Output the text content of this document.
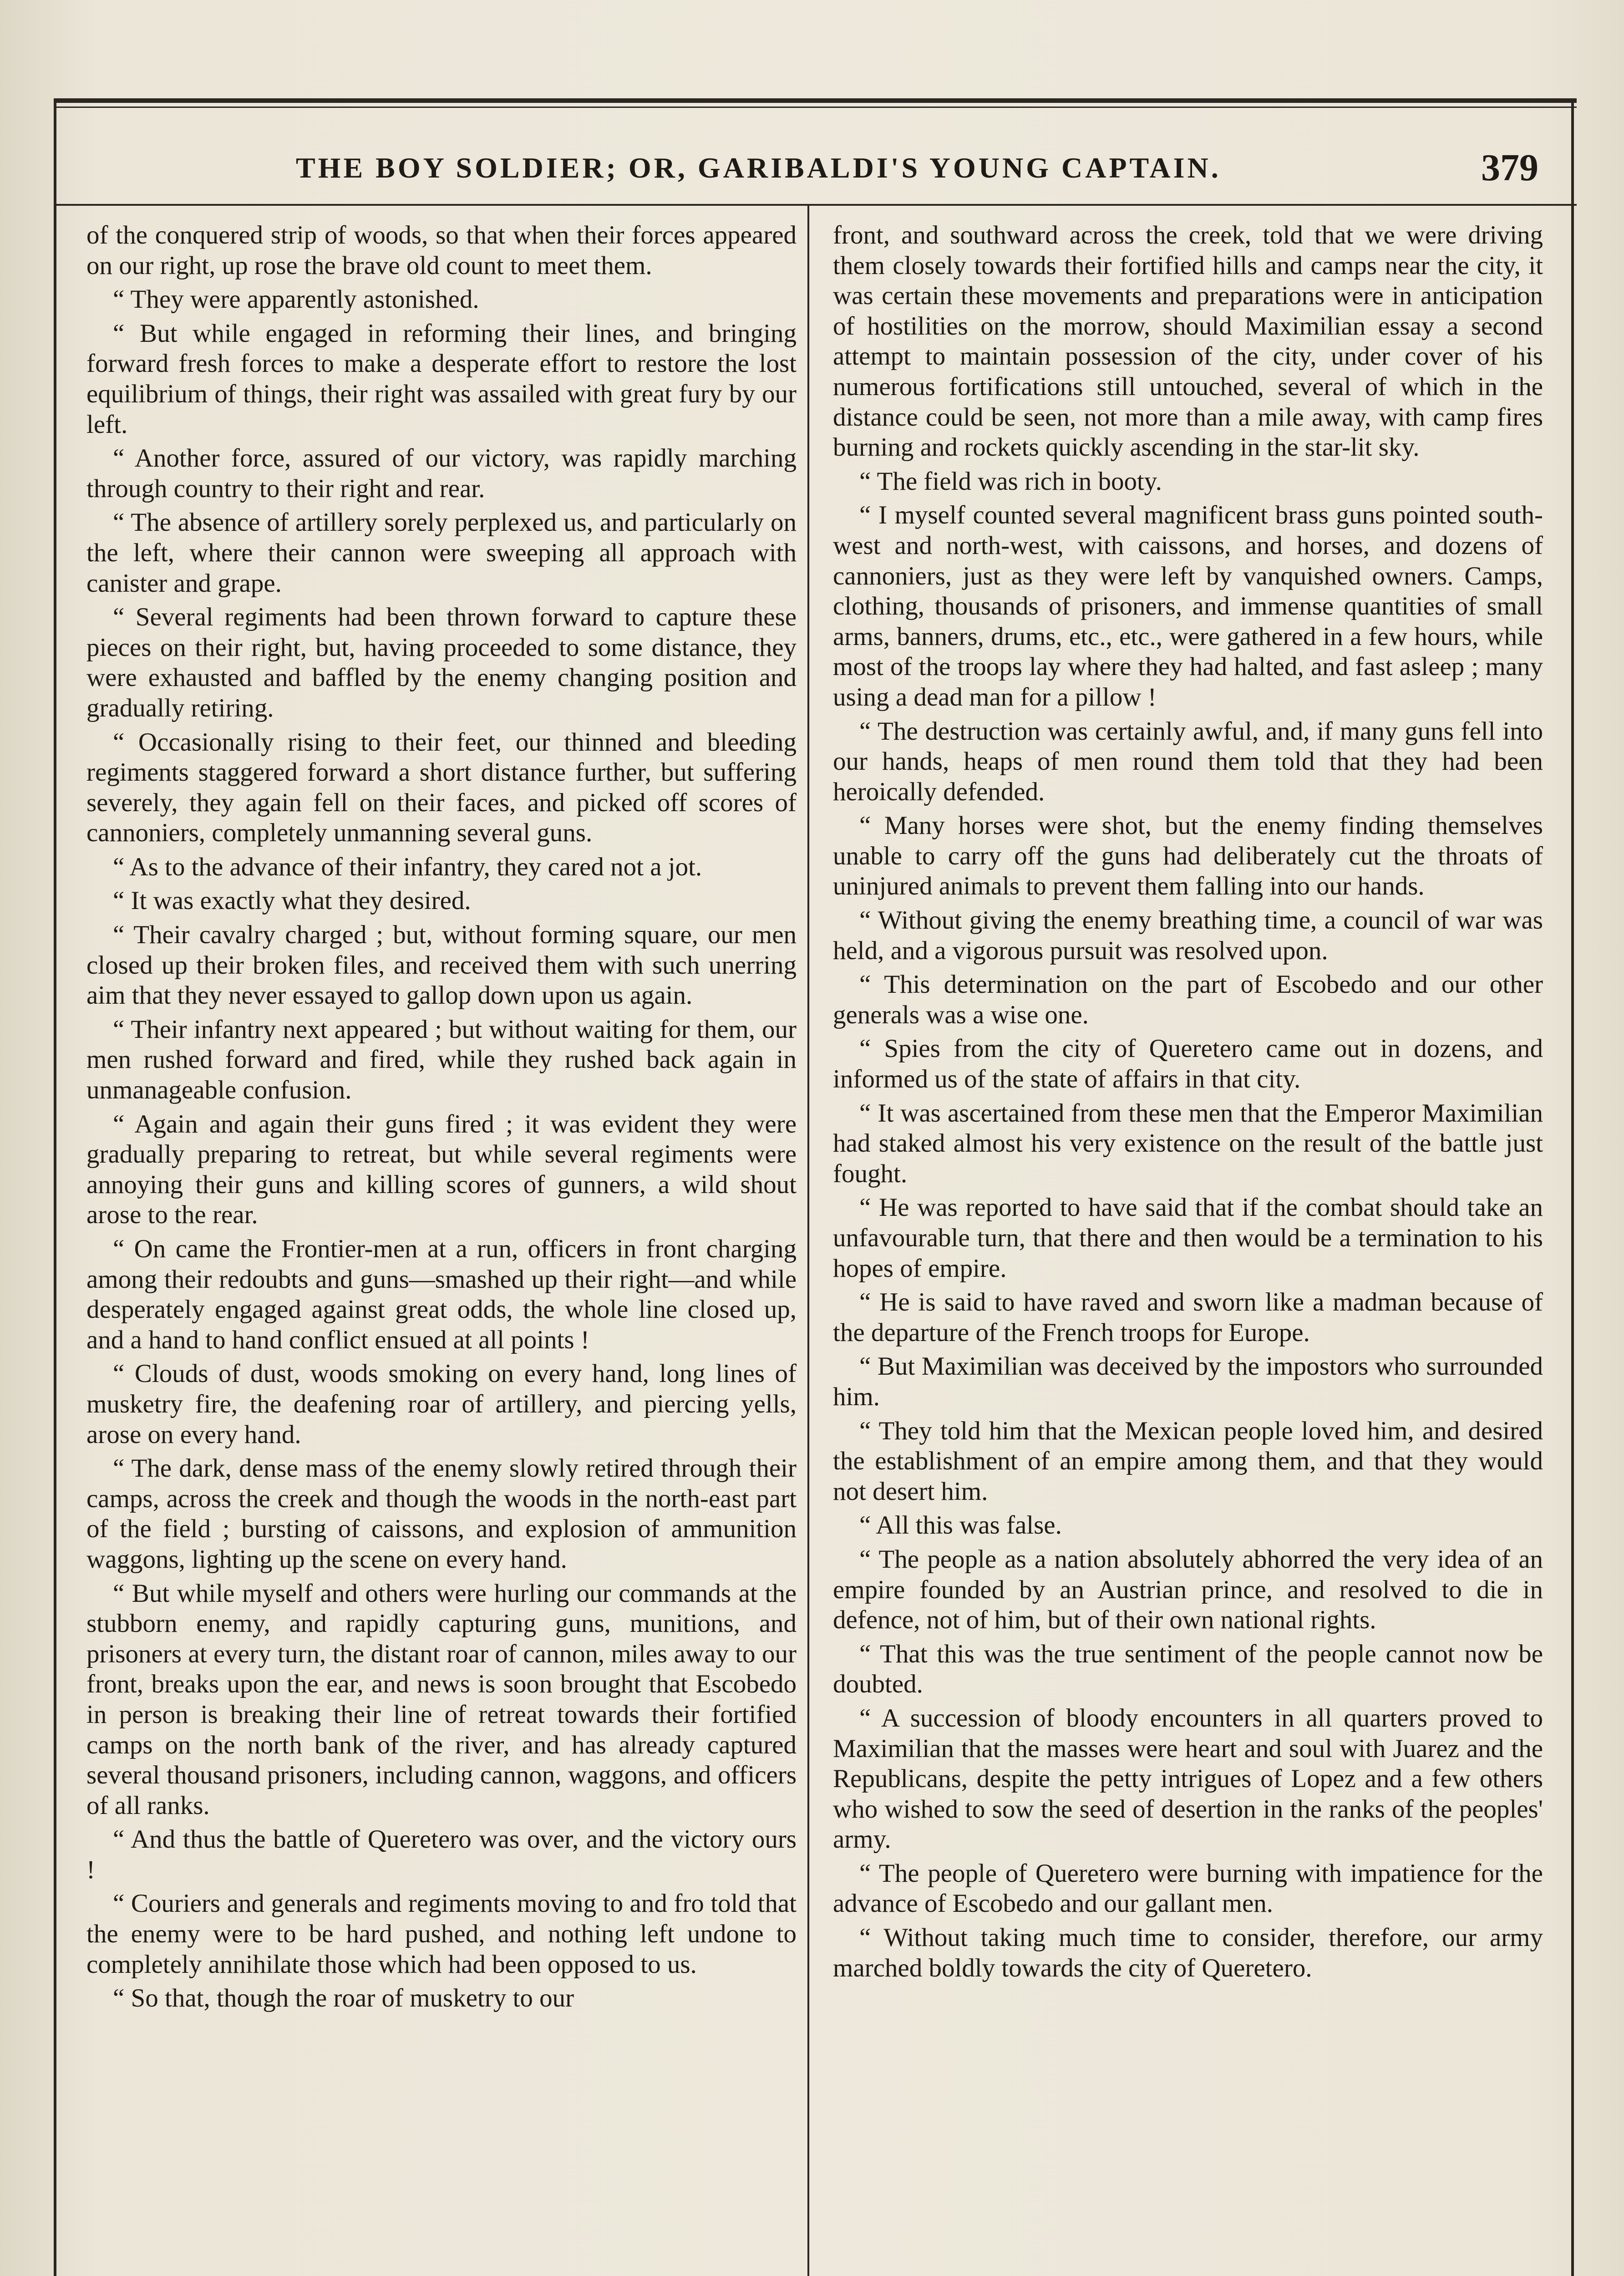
THE BOY SOLDIER; OR, GARIBALDI'S YOUNG CAPTAIN.	379

of the conquered strip of woods, so that when their forces appeared on our right, up rose the brave old count to meet them.

“ They were apparently astonished.

“ But while engaged in reforming their lines, and bringing forward fresh forces to make a desperate effort to restore the lost equilibrium of things, their right was assailed with great fury by our left.

“ Another force, assured of our victory, was rapidly marching through country to their right and rear.

“ The absence of artillery sorely perplexed us, and particularly on the left, where their cannon were sweeping all approach with canister and grape.

“ Several regiments had been thrown forward to capture these pieces on their right, but, having proceeded to some distance, they were exhausted and baffled by the enemy changing position and gradually retiring.

“ Occasionally rising to their feet, our thinned and bleeding regiments staggered forward a short distance further, but suffering severely, they again fell on their faces, and picked off scores of cannoniers, completely unmanning several guns.

“ As to the advance of their infantry, they cared not a jot.

“ It was exactly what they desired.

“ Their cavalry charged ; but, without forming square, our men closed up their broken files, and received them with such unerring aim that they never essayed to gallop down upon us again.

“ Their infantry next appeared ; but without waiting for them, our men rushed forward and fired, while they rushed back again in unmanageable confusion.

“ Again and again their guns fired ; it was evident they were gradually preparing to retreat, but while several regiments were annoying their guns and killing scores of gunners, a wild shout arose to the rear.

“ On came the Frontier-men at a run, officers in front charging among their redoubts and guns—smashed up their right—and while desperately engaged against great odds, the whole line closed up, and a hand to hand conflict ensued at all points !

“ Clouds of dust, woods smoking on every hand, long lines of musketry fire, the deafening roar of artillery, and piercing yells, arose on every hand.

“ The dark, dense mass of the enemy slowly retired through their camps, across the creek and though the woods in the north-east part of the field ; bursting of caissons, and explosion of ammunition waggons, lighting up the scene on every hand.

“ But while myself and others were hurling our commands at the stubborn enemy, and rapidly capturing guns, munitions, and prisoners at every turn, the distant roar of cannon, miles away to our front, breaks upon the ear, and news is soon brought that Escobedo in person is breaking their line of retreat towards their fortified camps on the north bank of the river, and has already captured several thousand prisoners, including cannon, waggons, and officers of all ranks.

“ And thus the battle of Queretero was over, and the victory ours !

“ Couriers and generals and regiments moving to and fro told that the enemy were to be hard pushed, and nothing left undone to completely annihilate those which had been opposed to us.

“ So that, though the roar of musketry to our

front, and southward across the creek, told that we were driving them closely towards their fortified hills and camps near the city, it was certain these movements and preparations were in anticipation of hostilities on the morrow, should Maximilian essay a second attempt to maintain possession of the city, under cover of his numerous fortifications still untouched, several of which in the distance could be seen, not more than a mile away, with camp fires burning and rockets quickly ascending in the star-lit sky.

“ The field was rich in booty.

“ I myself counted several magnificent brass guns pointed south-west and north-west, with caissons, and horses, and dozens of cannoniers, just as they were left by vanquished owners. Camps, clothing, thousands of prisoners, and immense quantities of small arms, banners, drums, etc., etc., were gathered in a few hours, while most of the troops lay where they had halted, and fast asleep ; many using a dead man for a pillow !

“ The destruction was certainly awful, and, if many guns fell into our hands, heaps of men round them told that they had been heroically defended.

“ Many horses were shot, but the enemy finding themselves unable to carry off the guns had deliberately cut the throats of uninjured animals to prevent them falling into our hands.

“ Without giving the enemy breathing time, a council of war was held, and a vigorous pursuit was resolved upon.

“ This determination on the part of Escobedo and our other generals was a wise one.

“ Spies from the city of Queretero came out in dozens, and informed us of the state of affairs in that city.

“ It was ascertained from these men that the Emperor Maximilian had staked almost his very existence on the result of the battle just fought.

“ He was reported to have said that if the combat should take an unfavourable turn, that there and then would be a termination to his hopes of empire.

“ He is said to have raved and sworn like a madman because of the departure of the French troops for Europe.

“ But Maximilian was deceived by the impostors who surrounded him.

“ They told him that the Mexican people loved him, and desired the establishment of an empire among them, and that they would not desert him.

“ All this was false.

“ The people as a nation absolutely abhorred the very idea of an empire founded by an Austrian prince, and resolved to die in defence, not of him, but of their own national rights.

“ That this was the true sentiment of the people cannot now be doubted.

“ A succession of bloody encounters in all quarters proved to Maximilian that the masses were heart and soul with Juarez and the Republicans, despite the petty intrigues of Lopez and a few others who wished to sow the seed of desertion in the ranks of the peoples' army.

“ The people of Queretero were burning with impatience for the advance of Escobedo and our gallant men.

“ Without taking much time to consider, therefore, our army marched boldly towards the city of Queretero.
